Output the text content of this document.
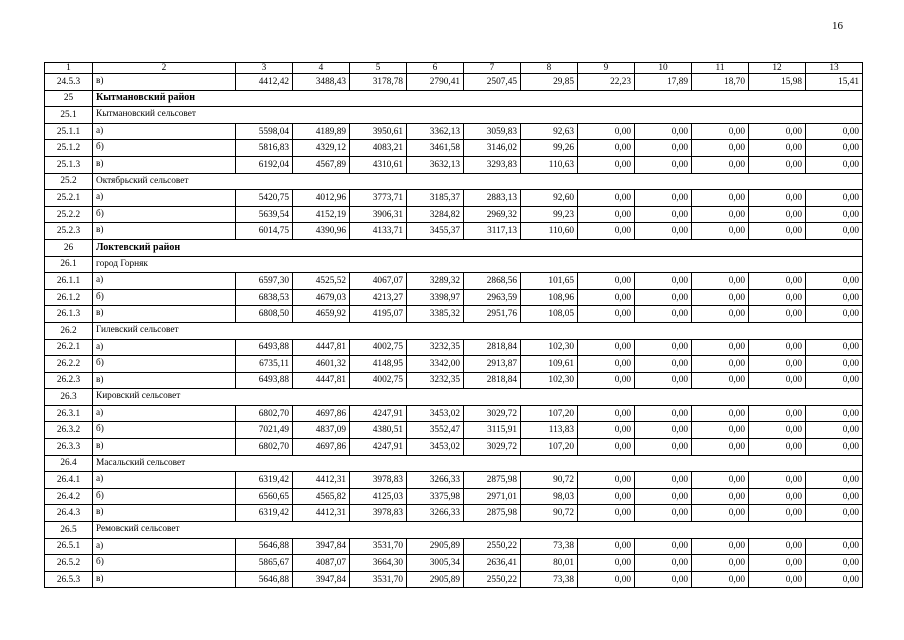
16
1	2	3	4	5	6	7	8	9	10	11	12	13
24.5.3	в)	4412,42	3488,43	3178,78	2790,41	2507,45	29,85	22,23	17,89	18,70	15,98	15,41
25	Кытмановский район											
25.1	Кытмановский сельсовет											
25.1.1	а)	5598,04	4189,89	3950,61	3362,13	3059,83	92,63	0,00	0,00	0,00	0,00	0,00
25.1.2	б)	5816,83	4329,12	4083,21	3461,58	3146,02	99,26	0,00	0,00	0,00	0,00	0,00
25.1.3	в)	6192,04	4567,89	4310,61	3632,13	3293,83	110,63	0,00	0,00	0,00	0,00	0,00
25.2	Октябрьский сельсовет											
25.2.1	а)	5420,75	4012,96	3773,71	3185,37	2883,13	92,60	0,00	0,00	0,00	0,00	0,00
25.2.2	б)	5639,54	4152,19	3906,31	3284,82	2969,32	99,23	0,00	0,00	0,00	0,00	0,00
25.2.3	в)	6014,75	4390,96	4133,71	3455,37	3117,13	110,60	0,00	0,00	0,00	0,00	0,00
26	Локтевский район											
26.1	город Горняк											
26.1.1	а)	6597,30	4525,52	4067,07	3289,32	2868,56	101,65	0,00	0,00	0,00	0,00	0,00
26.1.2	б)	6838,53	4679,03	4213,27	3398,97	2963,59	108,96	0,00	0,00	0,00	0,00	0,00
26.1.3	в)	6808,50	4659,92	4195,07	3385,32	2951,76	108,05	0,00	0,00	0,00	0,00	0,00
26.2	Гилевский сельсовет											
26.2.1	а)	6493,88	4447,81	4002,75	3232,35	2818,84	102,30	0,00	0,00	0,00	0,00	0,00
26.2.2	б)	6735,11	4601,32	4148,95	3342,00	2913,87	109,61	0,00	0,00	0,00	0,00	0,00
26.2.3	в)	6493,88	4447,81	4002,75	3232,35	2818,84	102,30	0,00	0,00	0,00	0,00	0,00
26.3	Кировский сельсовет											
26.3.1	а)	6802,70	4697,86	4247,91	3453,02	3029,72	107,20	0,00	0,00	0,00	0,00	0,00
26.3.2	б)	7021,49	4837,09	4380,51	3552,47	3115,91	113,83	0,00	0,00	0,00	0,00	0,00
26.3.3	в)	6802,70	4697,86	4247,91	3453,02	3029,72	107,20	0,00	0,00	0,00	0,00	0,00
26.4	Масальский сельсовет											
26.4.1	а)	6319,42	4412,31	3978,83	3266,33	2875,98	90,72	0,00	0,00	0,00	0,00	0,00
26.4.2	б)	6560,65	4565,82	4125,03	3375,98	2971,01	98,03	0,00	0,00	0,00	0,00	0,00
26.4.3	в)	6319,42	4412,31	3978,83	3266,33	2875,98	90,72	0,00	0,00	0,00	0,00	0,00
26.5	Ремовский сельсовет											
26.5.1	а)	5646,88	3947,84	3531,70	2905,89	2550,22	73,38	0,00	0,00	0,00	0,00	0,00
26.5.2	б)	5865,67	4087,07	3664,30	3005,34	2636,41	80,01	0,00	0,00	0,00	0,00	0,00
26.5.3	в)	5646,88	3947,84	3531,70	2905,89	2550,22	73,38	0,00	0,00	0,00	0,00	0,00
